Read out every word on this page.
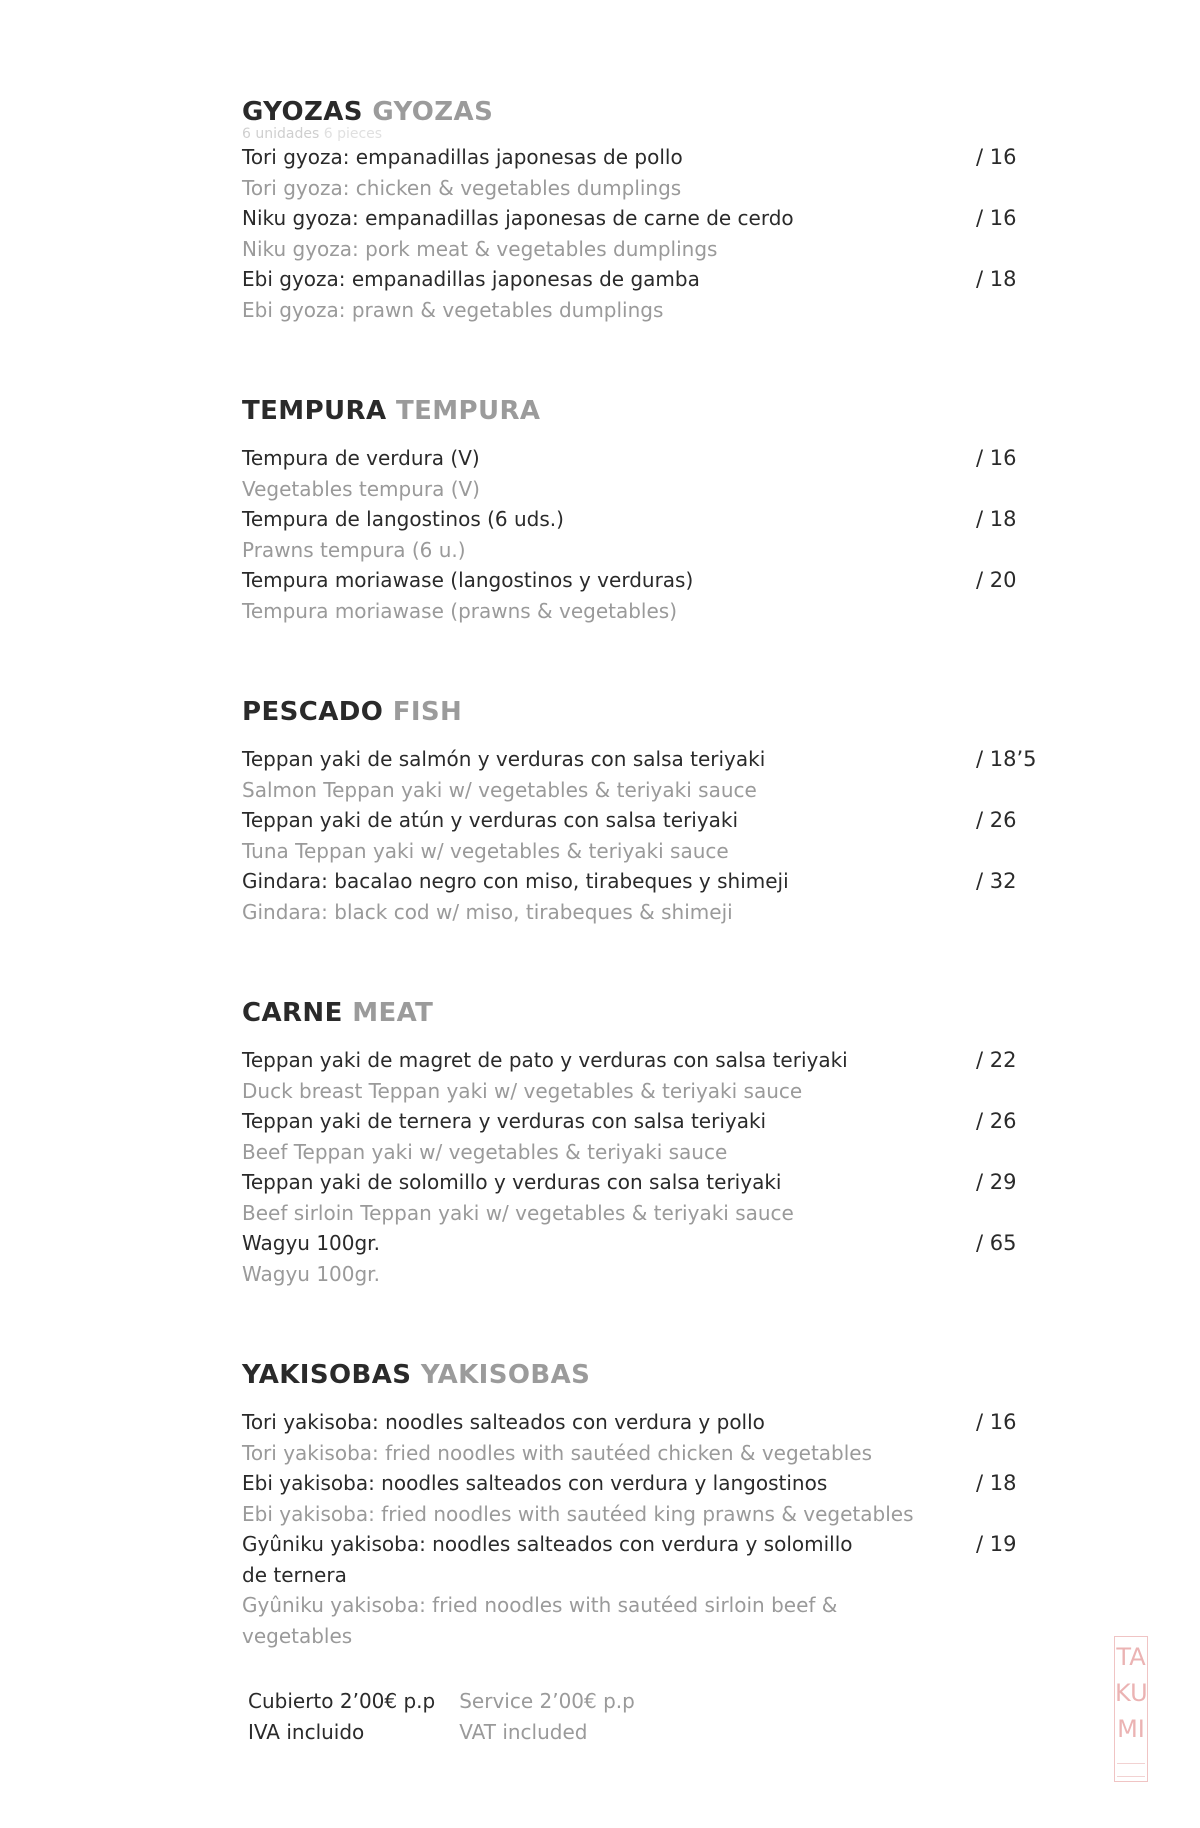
GYOZAS GYOZAS
6 unidades 6 pieces
Tori gyoza: empanadillas japonesas de pollo
Tori gyoza: chicken & vegetables dumplings
/ 16
Niku gyoza: empanadillas japonesas de carne de cerdo
Niku gyoza: pork meat & vegetables dumplings
/ 16
Ebi gyoza: empanadillas japonesas de gamba
Ebi gyoza: prawn & vegetables dumplings
/ 18
TEMPURA TEMPURA
Tempura de verdura (V)
Vegetables tempura (V)
/ 16
Tempura de langostinos (6 uds.)
Prawns tempura (6 u.)
/ 18
Tempura moriawase (langostinos y verduras)
Tempura moriawase (prawns & vegetables)
/ 20
PESCADO FISH
Teppan yaki de salmón y verduras con salsa teriyaki
Salmon Teppan yaki w/ vegetables & teriyaki sauce
/ 18’5
Teppan yaki de atún y verduras con salsa teriyaki
Tuna Teppan yaki w/ vegetables & teriyaki sauce
/ 26
Gindara: bacalao negro con miso, tirabeques y shimeji
Gindara: black cod w/ miso, tirabeques & shimeji
/ 32
CARNE MEAT
Teppan yaki de magret de pato y verduras con salsa teriyaki
Duck breast Teppan yaki w/ vegetables & teriyaki sauce
/ 22
Teppan yaki de ternera y verduras con salsa teriyaki
Beef Teppan yaki w/ vegetables & teriyaki sauce
/ 26
Teppan yaki de solomillo y verduras con salsa teriyaki
Beef sirloin Teppan yaki w/ vegetables & teriyaki sauce
/ 29
Wagyu 100gr.
Wagyu 100gr.
/ 65
YAKISOBAS YAKISOBAS
Tori yakisoba: noodles salteados con verdura y pollo
Tori yakisoba: fried noodles with sautéed chicken & vegetables
/ 16
Ebi yakisoba: noodles salteados con verdura y langostinos
Ebi yakisoba: fried noodles with sautéed king prawns & vegetables
/ 18
Gyûniku yakisoba: noodles salteados con verdura y solomillo de ternera
Gyûniku yakisoba: fried noodles with sautéed sirloin beef & vegetables
/ 19
Cubierto 2’00€ p.p
IVA incluido
Service 2’00€ p.p
VAT included
TA
KU
MI
